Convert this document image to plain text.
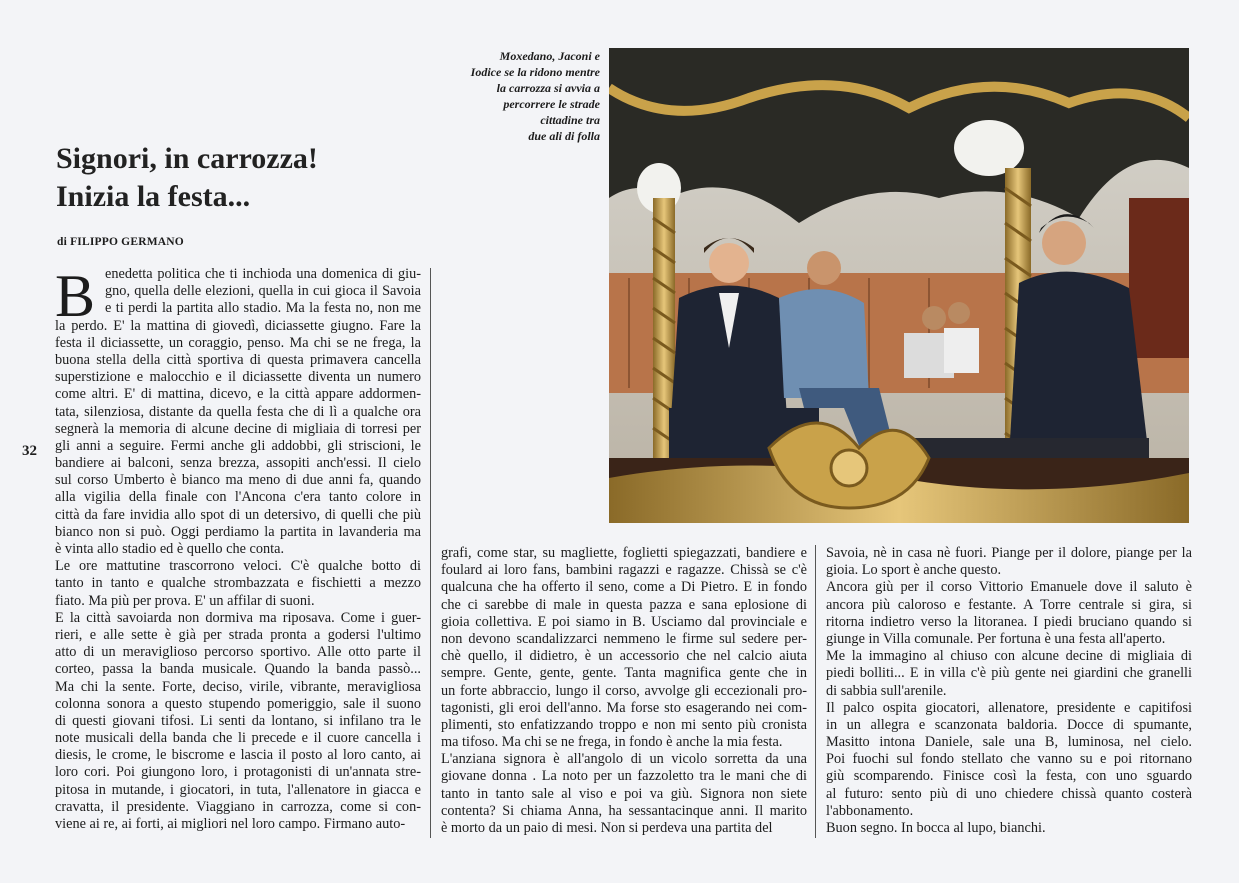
Signori, in carrozza!
Inizia la festa...
di FILIPPO GERMANO
32
Moxedano, Jaconi e
Iodice se la ridono mentre
la carrozza si avvia a
percorrere le strade
cittadine tra
due ali di folla
B enedetta politica che ti inchioda una domenica di giu-
gno, quella delle elezioni, quella in cui gioca il Savoia
e ti perdi la partita allo stadio. Ma la festa no, non me
la perdo. E' la mattina di giovedì, diciassette giugno. Fare la
festa il diciassette, un coraggio, penso. Ma chi se ne frega, la
buona stella della città sportiva di questa primavera cancella
superstizione e malocchio e il diciassette diventa un numero
come altri. E' di mattina, dicevo, e la città appare addormen-
tata, silenziosa, distante da quella festa che di lì a qualche ora
segnerà la memoria di alcune decine di migliaia di torresi per
gli anni a seguire. Fermi anche gli addobbi, gli striscioni, le
bandiere ai balconi, senza brezza, assopiti anch'essi. Il cielo
sul corso Umberto è bianco ma meno di due anni fa, quando
alla vigilia della finale con l'Ancona c'era tanto colore in
città da fare invidia allo spot di un detersivo, di quelli che più
bianco non si può. Oggi perdiamo la partita in lavanderia ma
è vinta allo stadio ed è quello che conta.
Le ore mattutine trascorrono veloci. C'è qualche botto di
tanto in tanto e qualche strombazzata e fischietti a mezzo
fiato. Ma più per prova. E' un affilar di suoni.
E la città savoiarda non dormiva ma riposava. Come i guer-
rieri, e alle sette è già per strada pronta a godersi l'ultimo
atto di un meraviglioso percorso sportivo. Alle otto parte il
corteo, passa la banda musicale. Quando la banda passò...
Ma chi la sente. Forte, deciso, virile, vibrante, meravigliosa
colonna sonora a questo stupendo pomeriggio, sale il suono
di questi giovani tifosi. Li senti da lontano, si infilano tra le
note musicali della banda che li precede e il cuore cancella i
diesis, le crome, le biscrome e lascia il posto al loro canto, ai
loro cori. Poi giungono loro, i protagonisti di un'annata stre-
pitosa in mutande, i giocatori, in tuta, l'allenatore in giacca e
cravatta, il presidente. Viaggiano in carrozza, come si con-
viene ai re, ai forti, ai migliori nel loro campo. Firmano auto-
grafi, come star, su magliette, foglietti spiegazzati, bandiere e
foulard ai loro fans, bambini ragazzi e ragazze. Chissà se c'è
qualcuna che ha offerto il seno, come a Di Pietro. E in fondo
che ci sarebbe di male in questa pazza e sana eplosione di
gioia collettiva. E poi siamo in B. Usciamo dal provinciale e
non devono scandalizzarci nemmeno le firme sul sedere per-
chè quello, il didietro, è un accessorio che nel calcio aiuta
sempre. Gente, gente, gente. Tanta magnifica gente che in
un forte abbraccio, lungo il corso, avvolge gli eccezionali pro-
tagonisti, gli eroi dell'anno. Ma forse sto esagerando nei com-
plimenti, sto enfatizzando troppo e non mi sento più cronista
ma tifoso. Ma chi se ne frega, in fondo è anche la mia festa.
L'anziana signora è all'angolo di un vicolo sorretta da una
giovane donna . La noto per un fazzoletto tra le mani che di
tanto in tanto sale al viso e poi va giù. Signora non siete
contenta? Si chiama Anna, ha sessantacinque anni. Il marito
è morto da un paio di mesi. Non si perdeva una partita del
Savoia, nè in casa nè fuori. Piange per il dolore, piange per la
gioia. Lo sport è anche questo.
Ancora giù per il corso Vittorio Emanuele dove il saluto è
ancora più caloroso e festante. A Torre centrale si gira, si
ritorna indietro verso la litoranea. I piedi bruciano quando si
giunge in Villa comunale. Per fortuna è una festa all'aperto.
Me la immagino al chiuso con alcune decine di migliaia di
piedi bolliti... E in villa c'è più gente nei giardini che granelli
di sabbia sull'arenile.
Il palco ospita giocatori, allenatore, presidente e capitifosi
in un allegra e scanzonata baldoria. Docce di spumante,
Masitto intona Daniele, sale una B, luminosa, nel cielo.
Poi fuochi sul fondo stellato che vanno su e poi ritornano
giù scomparendo. Finisce così la festa, con uno sguardo
al futuro: sento più di uno chiedere chissà quanto costerà
l'abbonamento.
Buon segno. In bocca al lupo, bianchi.
